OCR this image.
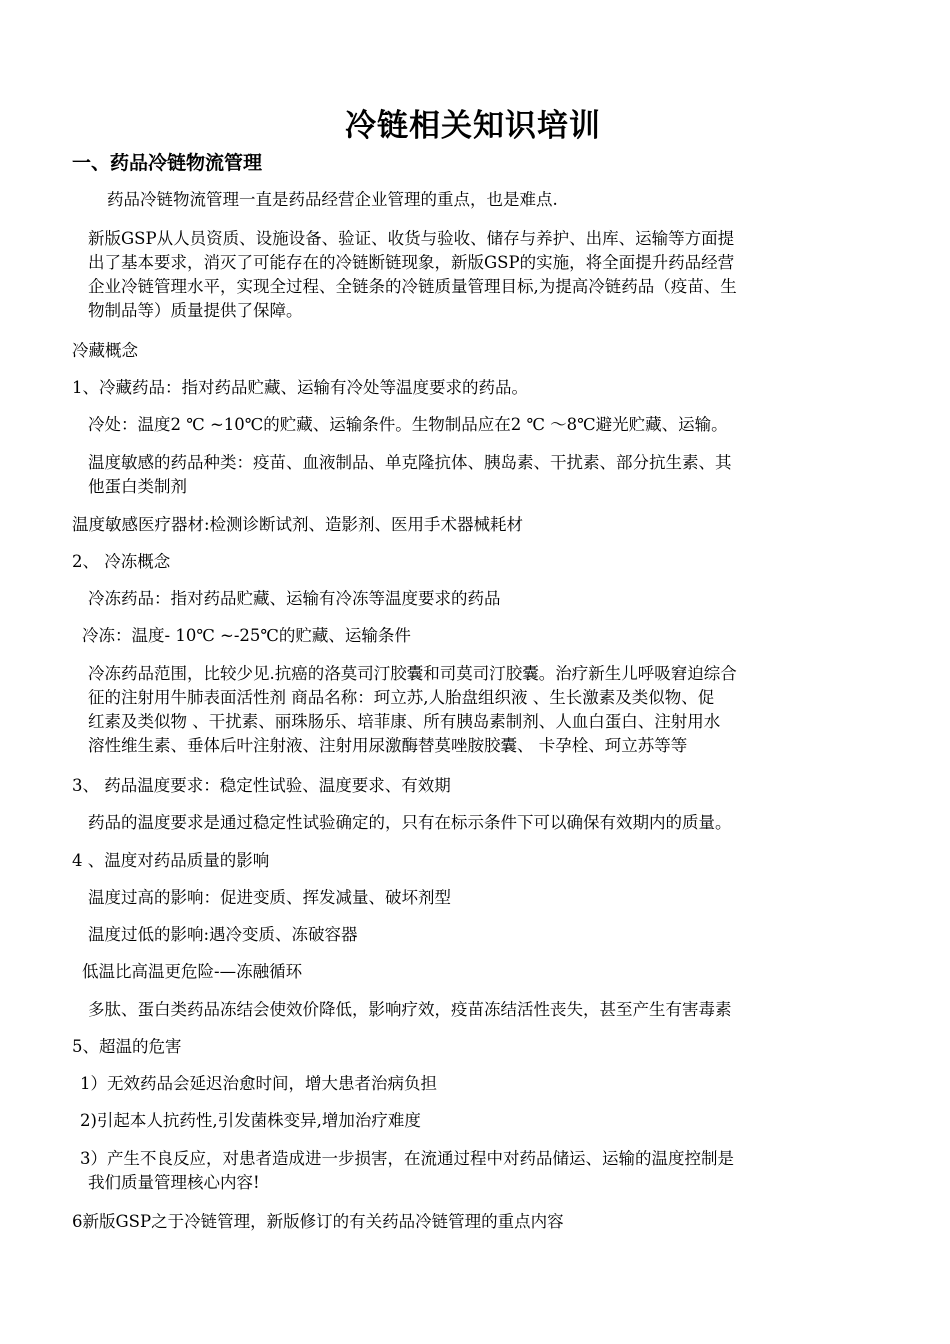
冷链相关知识培训
一、药品冷链物流管理
药品冷链物流管理一直是药品经营企业管理的重点，也是难点.
新版GSP从人员资质、设施设备、验证、收货与验收、储存与养护、出库、运输等方面提
出了基本要求，消灭了可能存在的冷链断链现象，新版GSP的实施，将全面提升药品经营
企业冷链管理水平，实现全过程、全链条的冷链质量管理目标,为提高冷链药品（疫苗、生
物制品等）质量提供了保障。
冷藏概念
1、冷藏药品：指对药品贮藏、运输有冷处等温度要求的药品。
冷处：温度2 ℃ ~10℃的贮藏、运输条件。生物制品应在2 ℃ ～8℃避光贮藏、运输。
温度敏感的药品种类：疫苗、血液制品、单克隆抗体、胰岛素、干扰素、部分抗生素、其
他蛋白类制剂
温度敏感医疗器材:检测诊断试剂、造影剂、医用手术器械耗材
2、 冷冻概念
冷冻药品：指对药品贮藏、运输有冷冻等温度要求的药品
冷冻：温度- 10℃ ~-25℃的贮藏、运输条件
冷冻药品范围，比较少见.抗癌的洛莫司汀胶囊和司莫司汀胶囊。治疗新生儿呼吸窘迫综合
征的注射用牛肺表面活性剂 商品名称：珂立苏,人胎盘组织液 、生长激素及类似物、促
红素及类似物 、干扰素、丽珠肠乐、培菲康、所有胰岛素制剂、人血白蛋白、注射用水
溶性维生素、垂体后叶注射液、注射用尿激酶替莫唑胺胶囊、 卡孕栓、珂立苏等等
3、 药品温度要求：稳定性试验、温度要求、有效期
药品的温度要求是通过稳定性试验确定的，只有在标示条件下可以确保有效期内的质量。
4 、温度对药品质量的影响
温度过高的影响：促进变质、挥发减量、破坏剂型
温度过低的影响:遇冷变质、冻破容器
低温比高温更危险-—冻融循环
多肽、蛋白类药品冻结会使效价降低，影响疗效，疫苗冻结活性丧失，甚至产生有害毒素
5、超温的危害
1）无效药品会延迟治愈时间，增大患者治病负担
2)引起本人抗药性,引发菌株变异,增加治疗难度
3）产生不良反应，对患者造成进一步损害，在流通过程中对药品储运、运输的温度控制是
我们质量管理核心内容!
6新版GSP之于冷链管理，新版修订的有关药品冷链管理的重点内容
